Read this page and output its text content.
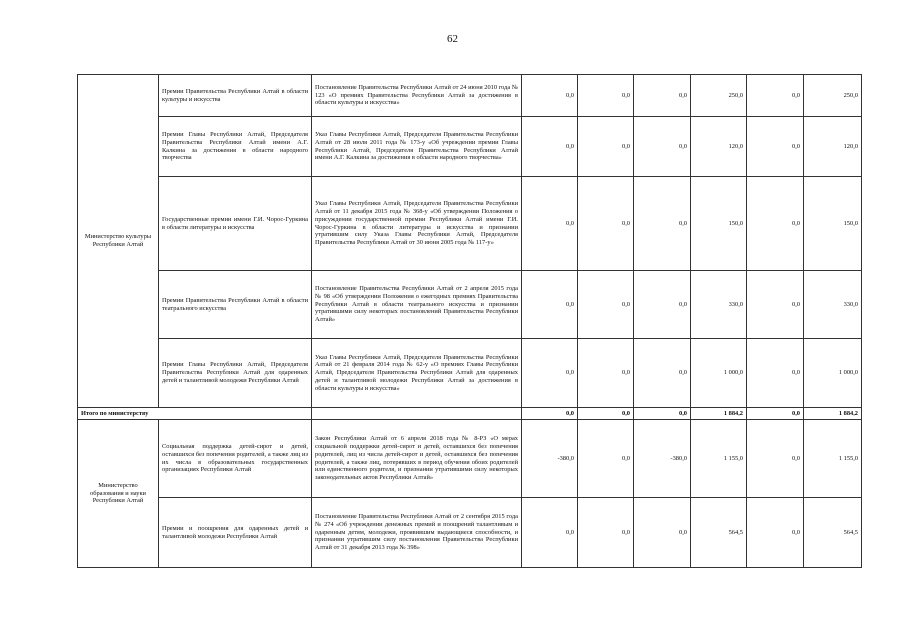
62
Министерство культуры Республики Алтай	Премии Правительства Республики Алтай в области культуры и искусства	Постановление Правительства Республики Алтай от 24 июня 2010 года № 123 «О премиях Правительства Республики Алтай за достижения в области культуры и искусства»	0,0	0,0	0,0	250,0	0,0	250,0
	Премии Главы Республики Алтай, Председателя Правительства Республики Алтай имени А.Г. Калкина за достижения в области народного творчества	Указ Главы Республики Алтай, Председателя Правительства Республики Алтай от 28 июля 2011 года № 173-у «Об учреждении премии Главы Республики Алтай, Председателя Правительства Республики Алтай имени А.Г. Калкина за достижения в области народного творчества»	0,0	0,0	0,0	120,0	0,0	120,0
	Государственные премии имени Г.И. Чорос-Гуркина в области литературы и искусства	Указ Главы Республики Алтай, Председателя Правительства Республики Алтай от 11 декабря 2015 года № 368-у «Об утверждении Положения о присуждении государственной премии Республики Алтай имени Г.И. Чорос-Гуркина в области литературы и искусства и признании утратившим силу Указа Главы Республики Алтай, Председателя Правительства Республики Алтай от 30 июня 2005 года № 117-у»	0,0	0,0	0,0	150,0	0,0	150,0
	Премии Правительства Республики Алтай в области театрального искусства	Постановление Правительства Республики Алтай от 2 апреля 2015 года № 98 «Об утверждении Положения о ежегодных премиях Правительства Республики Алтай в области театрального искусства и признании утратившими силу некоторых постановлений Правительства Республики Алтай»	0,0	0,0	0,0	330,0	0,0	330,0
	Премии Главы Республики Алтай, Председателя Правительства Республики Алтай для одаренных детей и талантливой молодежи Республики Алтай	Указ Главы Республики Алтай, Председателя Правительства Республики Алтай от 21 февраля 2014 года № 62-у «О премиях Главы Республики Алтай, Председателя Правительства Республики Алтай для одаренных детей и талантливой молодежи Республики Алтай за достижения в области культуры и искусства»	0,0	0,0	0,0	1 000,0	0,0	1 000,0
Итого по министерству			0,0	0,0	0,0	1 884,2	0,0	1 884,2
Министерство образования и науки Республики Алтай	Социальная поддержка детей-сирот и детей, оставшихся без попечения родителей, а также лиц из их числа в образовательных государственных организациях Республики Алтай	Закон Республики Алтай от 6 апреля 2018 года № 8-РЗ «О мерах социальной поддержки детей-сирот и детей, оставшихся без попечения родителей, лиц из числа детей-сирот и детей, оставшихся без попечения родителей, а также лиц, потерявших в период обучения обоих родителей или единственного родителя, и признании утратившими силу некоторых законодательных актов Республики Алтай»	-380,0	0,0	-380,0	1 155,0	0,0	1 155,0
	Премии и поощрения для одаренных детей и талантливой молодежи Республики Алтай	Постановление Правительства Республики Алтай от 2 сентября 2015 года № 274 «Об учреждении денежных премий и поощрений талантливым и одаренным детям, молодежи, проявившим выдающиеся способности, и признании утратившим силу постановления Правительства Республики Алтай от 31 декабря 2013 года № 398»	0,0	0,0	0,0	564,5	0,0	564,5
